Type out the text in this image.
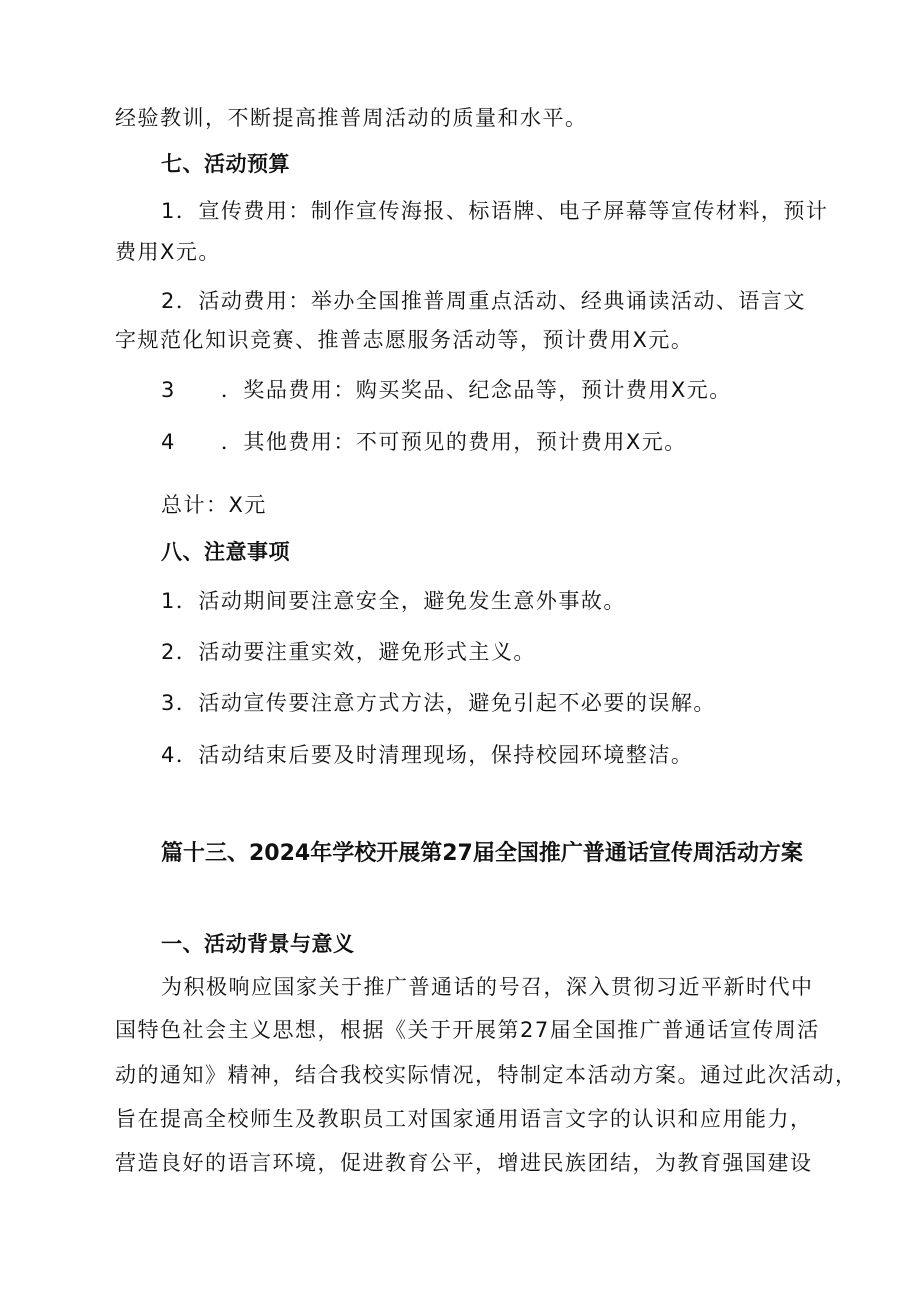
经验教训，不断提高推普周活动的质量和水平。
七、活动预算
1．宣传费用：制作宣传海报、标语牌、电子屏幕等宣传材料，预计
费用X元。
2．活动费用：举办全国推普周重点活动、经典诵读活动、语言文
字规范化知识竞赛、推普志愿服务活动等，预计费用X元。
3　　．奖品费用：购买奖品、纪念品等，预计费用X元。
4　　．其他费用：不可预见的费用，预计费用X元。
总计：X元
八、注意事项
1．活动期间要注意安全，避免发生意外事故。
2．活动要注重实效，避免形式主义。
3．活动宣传要注意方式方法，避免引起不必要的误解。
4．活动结束后要及时清理现场，保持校园环境整洁。
篇十三、2024年学校开展第27届全国推广普通话宣传周活动方案
一、活动背景与意义
为积极响应国家关于推广普通话的号召，深入贯彻习近平新时代中
国特色社会主义思想，根据《关于开展第27届全国推广普通话宣传周活
动的通知》精神，结合我校实际情况，特制定本活动方案。通过此次活动，
旨在提高全校师生及教职员工对国家通用语言文字的认识和应用能力，
营造良好的语言环境，促进教育公平，增进民族团结，为教育强国建设
